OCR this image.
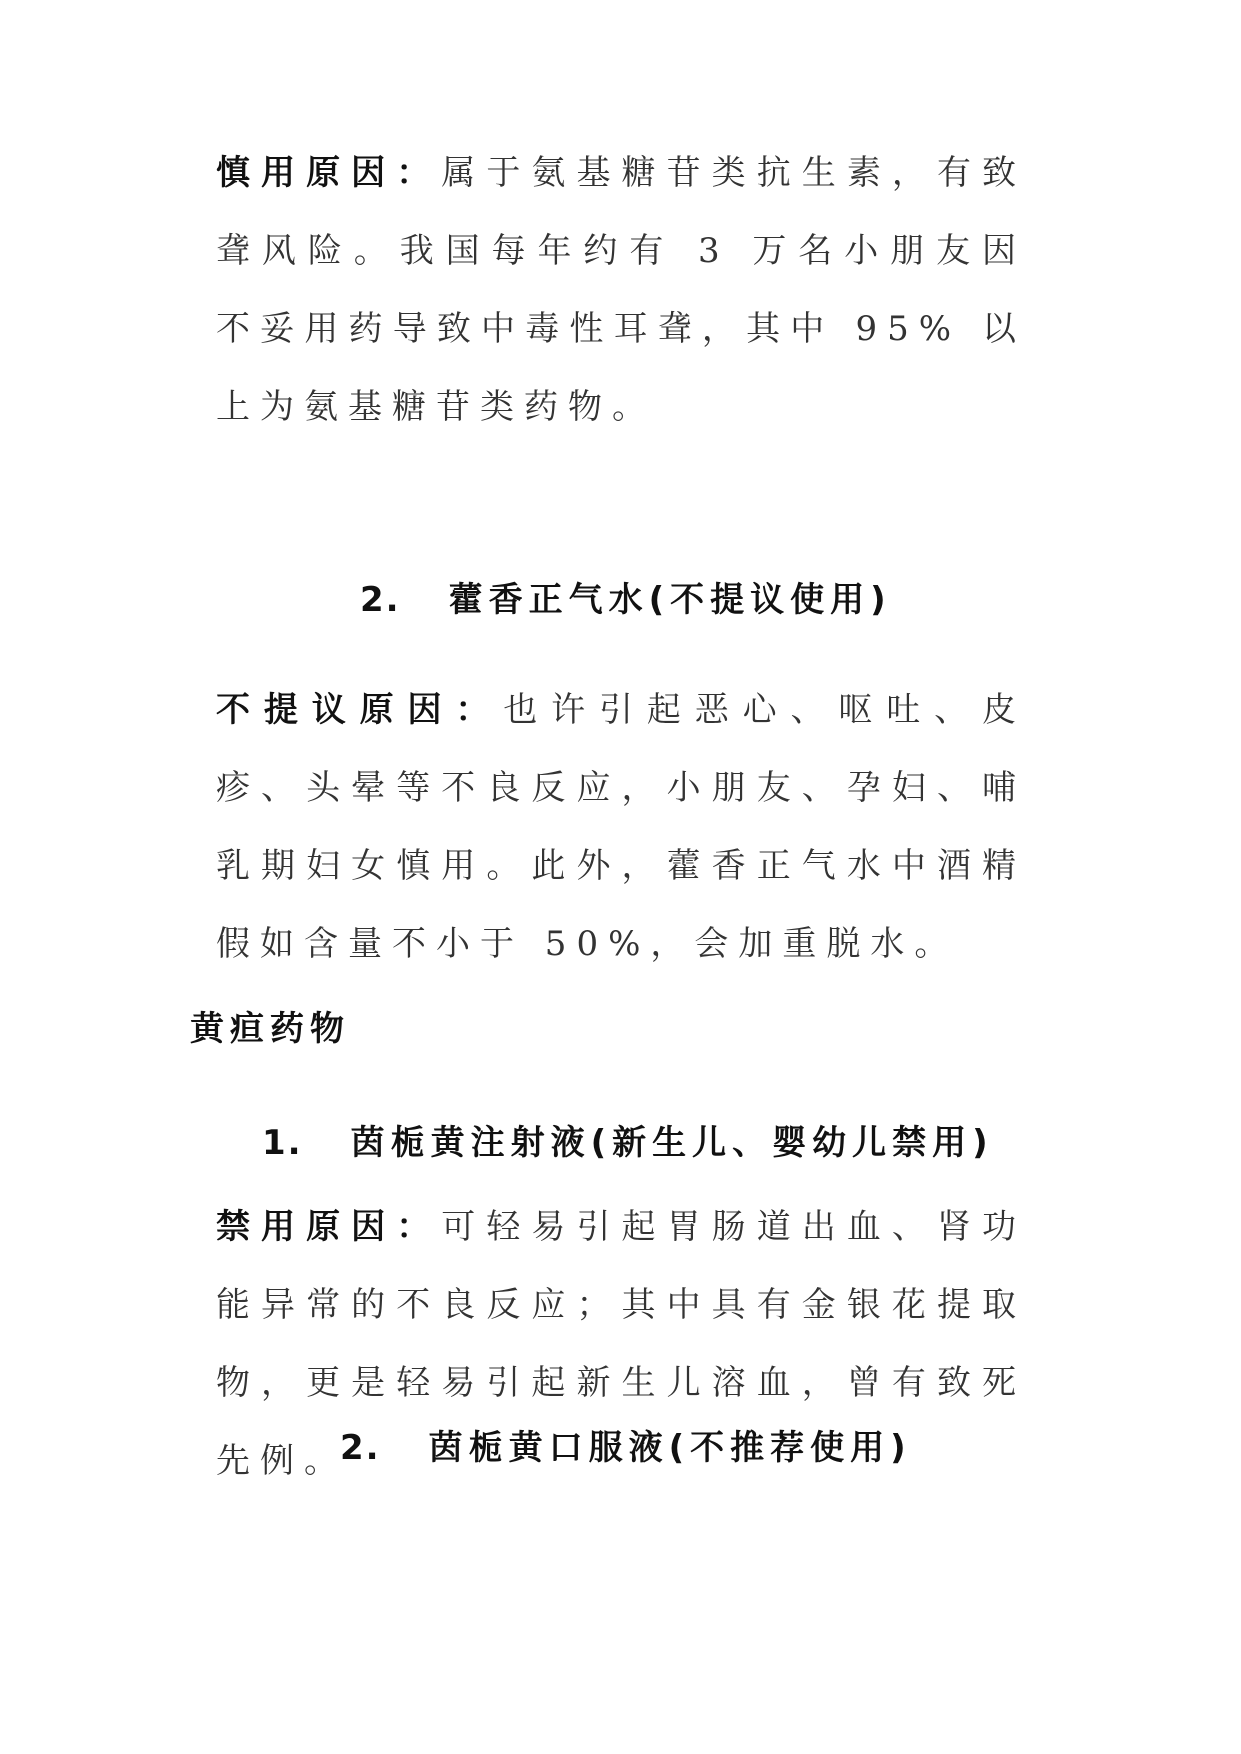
慎用原因：属于氨基糖苷类抗生素，有致聋风险。我国每年约有 3 万名小朋友因不妥用药导致中毒性耳聋，其中 95% 以上为氨基糖苷类药物。

2. 藿香正气水(不提议使用)

不提议原因：也许引起恶心、呕吐、皮疹、头晕等不良反应，小朋友、孕妇、哺乳期妇女慎用。此外，藿香正气水中酒精假如含量不小于 50%，会加重脱水。

黄疸药物
1. 茵栀黄注射液(新生儿、婴幼儿禁用)

禁用原因：可轻易引起胃肠道出血、肾功能异常的不良反应；其中具有金银花提取物，更是轻易引起新生儿溶血，曾有致死先例。

2. 茵栀黄口服液(不推荐使用)
